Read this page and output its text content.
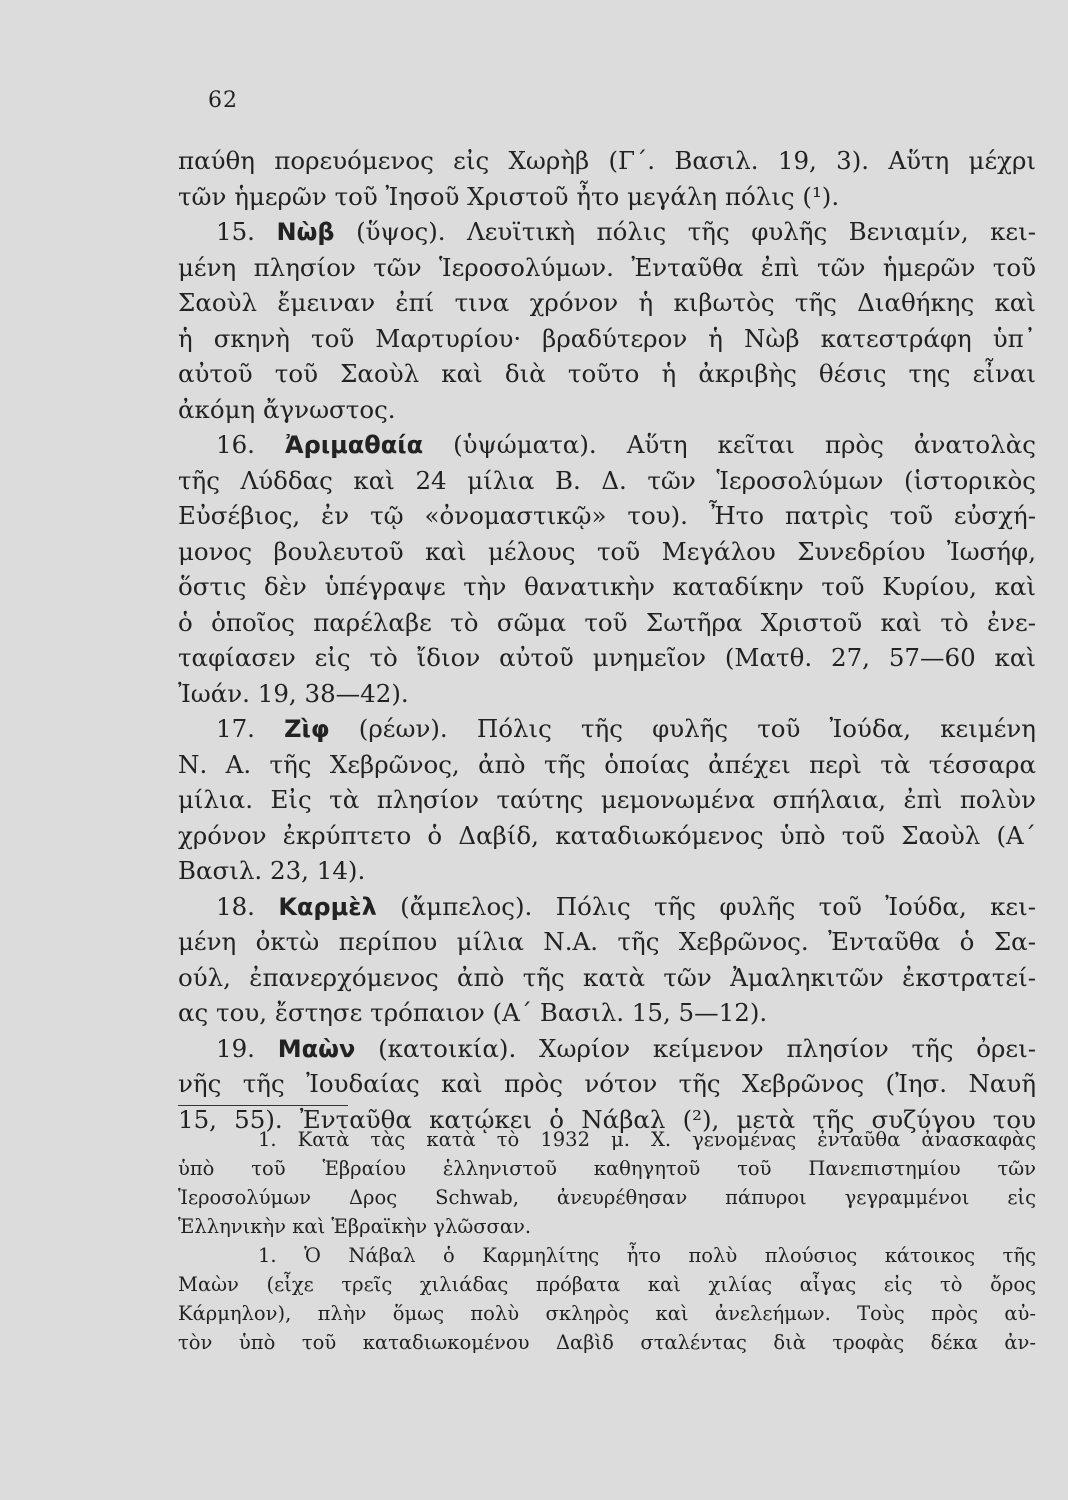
62
παύθη πορευόμενος εἰς Χωρὴβ (Γ΄. Βασιλ. 19, 3). Αὕτη μέχρι
τῶν ἡμερῶν τοῦ Ἰησοῦ Χριστοῦ ἦτο μεγάλη πόλις (¹).
15. Νὼβ (ὕψος). Λευϊτικὴ πόλις τῆς φυλῆς Βενιαμίν, κει-
μένη πλησίον τῶν Ἱεροσολύμων. Ἐνταῦθα ἐπὶ τῶν ἡμερῶν τοῦ
Σαοὺλ ἔμειναν ἐπί τινα χρόνον ἡ κιβωτὸς τῆς Διαθήκης καὶ
ἡ σκηνὴ τοῦ Μαρτυρίου· βραδύτερον ἡ Νὼβ κατεστράφη ὑπ᾽
αὐτοῦ τοῦ Σαοὺλ καὶ διὰ τοῦτο ἡ ἀκριβὴς θέσις της εἶναι
ἀκόμη ἄγνωστος.
16. Ἀριμαθαία (ὑψώματα). Αὕτη κεῖται πρὸς ἀνατολὰς
τῆς Λύδδας καὶ 24 μίλια Β. Δ. τῶν Ἱεροσολύμων (ἱστορικὸς
Εὐσέβιος, ἐν τῷ «ὀνομαστικῷ» του). Ἦτο πατρὶς τοῦ εὐσχή-
μονος βουλευτοῦ καὶ μέλους τοῦ Μεγάλου Συνεδρίου Ἰωσήφ,
ὅστις δὲν ὑπέγραψε τὴν θανατικὴν καταδίκην τοῦ Κυρίου, καὶ
ὁ ὁποῖος παρέλαβε τὸ σῶμα τοῦ Σωτῆρα Χριστοῦ καὶ τὸ ἐνε-
ταφίασεν εἰς τὸ ἴδιον αὐτοῦ μνημεῖον (Ματθ. 27, 57—60 καὶ
Ἰωάν. 19, 38—42).
17. Ζὶφ (ρέων). Πόλις τῆς φυλῆς τοῦ Ἰούδα, κειμένη
Ν. Α. τῆς Χεβρῶνος, ἀπὸ τῆς ὁποίας ἀπέχει περὶ τὰ τέσσαρα
μίλια. Εἰς τὰ πλησίον ταύτης μεμονωμένα σπήλαια, ἐπὶ πολὺν
χρόνον ἐκρύπτετο ὁ Δαβίδ, καταδιωκόμενος ὑπὸ τοῦ Σαοὺλ (Α΄
Βασιλ. 23, 14).
18. Καρμὲλ (ἄμπελος). Πόλις τῆς φυλῆς τοῦ Ἰούδα, κει-
μένη ὀκτὼ περίπου μίλια Ν.Α. τῆς Χεβρῶνος. Ἐνταῦθα ὁ Σα-
ούλ, ἐπανερχόμενος ἀπὸ τῆς κατὰ τῶν Ἀμαληκιτῶν ἐκστρατεί-
ας του, ἔστησε τρόπαιον (Α΄ Βασιλ. 15, 5—12).
19. Μαὼν (κατοικία). Χωρίον κείμενον πλησίον τῆς ὀρει-
νῆς τῆς Ἰουδαίας καὶ πρὸς νότον τῆς Χεβρῶνος (Ἰησ. Ναυῆ
15, 55). Ἐνταῦθα κατῴκει ὁ Νάβαλ (²), μετὰ τῆς συζύγου του
1. Κατὰ τὰς κατὰ τὸ 1932 μ. Χ. γενομένας ἐνταῦθα ἀνασκαφὰς
ὑπὸ τοῦ Ἑβραίου ἑλληνιστοῦ καθηγητοῦ τοῦ Πανεπιστημίου τῶν
Ἱεροσολύμων Δρος Schwab, ἀνευρέθησαν πάπυροι γεγραμμένοι εἰς
Ἑλληνικὴν καὶ Ἑβραϊκὴν γλῶσσαν.
1. Ὁ Νάβαλ ὁ Καρμηλίτης ἦτο πολὺ πλούσιος κάτοικος τῆς
Μαὼν (εἶχε τρεῖς χιλιάδας πρόβατα καὶ χιλίας αἶγας εἰς τὸ ὄρος
Κάρμηλον), πλὴν ὅμως πολὺ σκληρὸς καὶ ἀνελεήμων. Τοὺς πρὸς αὐ-
τὸν ὑπὸ τοῦ καταδιωκομένου Δαβὶδ σταλέντας διὰ τροφὰς δέκα ἀν-
